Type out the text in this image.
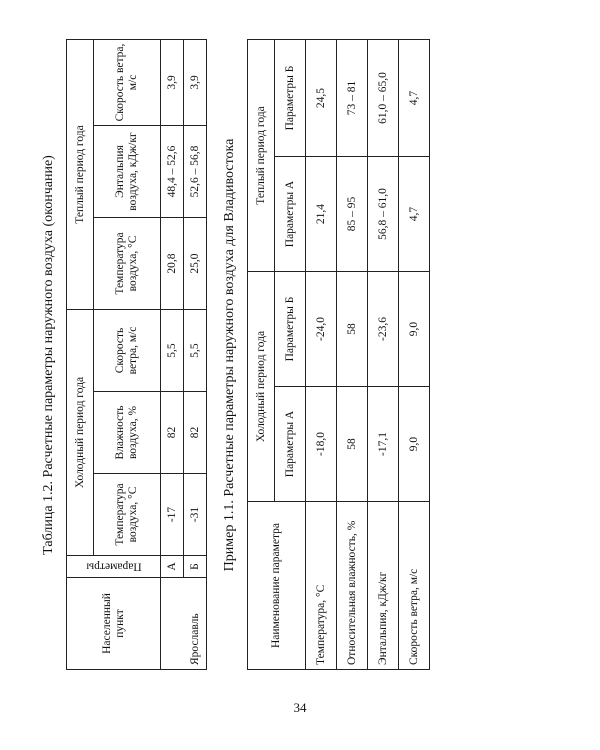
Таблица 1.2. Расчетные параметры наружного воздуха (окончание)

Населенный пункт	Параметры	Холодный период года			Теплый период года		
		Температура воздуха, °С	Влажность воздуха, %	Скорость ветра, м/с	Температура воздуха, °С	Энтальпия воздуха, кДж/кг	Скорость ветра, м/с
Ярославль	А	-17	82	5,5	20,8	48,4 – 52,6	3,9
	Б	-31	82	5,5	25,0	52,6 – 56,8	3,9

Пример 1.1. Расчетные параметры наружного воздуха для Владивостока

Наименование параметра	Холодный период года		Теплый период года	
	Параметры А	Параметры Б	Параметры А	Параметры Б
Температура, °С	-18,0	-24,0	21,4	24,5
Относительная влажность, %	58	58	85 – 95	73 – 81
Энтальпия, кДж/кг	-17,1	-23,6	56,8 – 61,0	61,0 – 65,0
Скорость ветра, м/с	9,0	9,0	4,7	4,7
34
